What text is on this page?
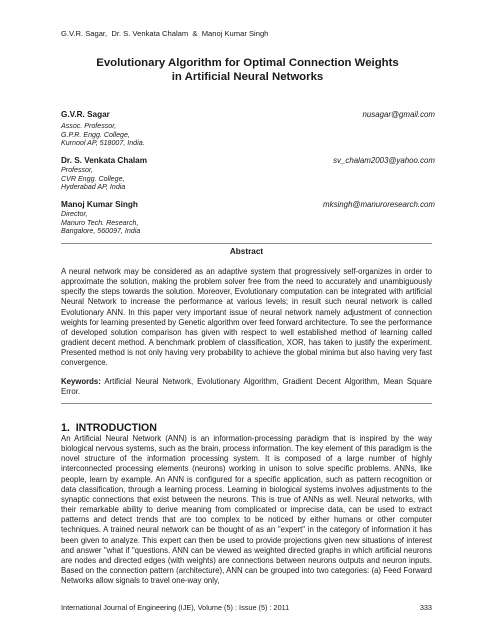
G.V.R. Sagar,  Dr. S. Venkata Chalam  &  Manoj Kumar Singh
Evolutionary Algorithm for Optimal Connection Weights
in Artificial Neural Networks
G.V.R. Sagar	nusagar@gmail.com
Assoc. Professor,
G.P.R. Engg. College,
Kurnool AP, 518007, India.
Dr. S. Venkata Chalam	sv_chalam2003@yahoo.com
Professor,
CVR Engg. College,
Hyderabad AP, India
Manoj Kumar Singh	mksingh@manuroresearch.com
Director,
Manuro Tech. Research,
Bangalore, 560097, India
Abstract
A neural network may be considered as an adaptive system that progressively self-organizes in order to approximate the solution, making the problem solver free from the need to accurately and unambiguously specify the steps towards the solution. Moreover, Evolutionary computation can be integrated with artificial Neural Network to increase the performance at various levels; in result such neural network is called Evolutionary ANN. In this paper very important issue of neural network namely adjustment of connection weights for learning presented by Genetic algorithm over feed forward architecture. To see the performance of developed solution comparison has given with respect to well established method of learning called gradient decent method. A benchmark problem of classification, XOR, has taken to justify the experiment. Presented method is not only having very probability to achieve the global minima but also having very fast convergence.
Keywords: Artificial Neural Network, Evolutionary Algorithm, Gradient Decent Algorithm, Mean Square Error.
1.  INTRODUCTION
An Artificial Neural Network (ANN) is an information-processing paradigm that is inspired by the way biological nervous systems, such as the brain, process information. The key element of this paradigm is the novel structure of the information processing system. It is composed of a large number of highly interconnected processing elements (neurons) working in unison to solve specific problems. ANNs, like people, learn by example. An ANN is configured for a specific application, such as pattern recognition or data classification, through a learning process. Learning in biological systems involves adjustments to the synaptic connections that exist between the neurons. This is true of ANNs as well. Neural networks, with their remarkable ability to derive meaning from complicated or imprecise data, can be used to extract patterns and detect trends that are too complex to be noticed by either humans or other computer techniques. A trained neural network can be thought of as an "expert" in the category of information it has been given to analyze. This expert can then be used to provide projections given new situations of interest and answer "what if "questions. ANN can be viewed as weighted directed graphs in which artificial neurons are nodes and directed edges (with weights) are connections between neurons outputs and neuron inputs. Based on the connection pattern (architecture), ANN can be grouped into two categories: (a) Feed Forward Networks allow signals to travel one-way only,
International Journal of Engineering (IJE), Volume (5) : Issue (5) : 2011	333
